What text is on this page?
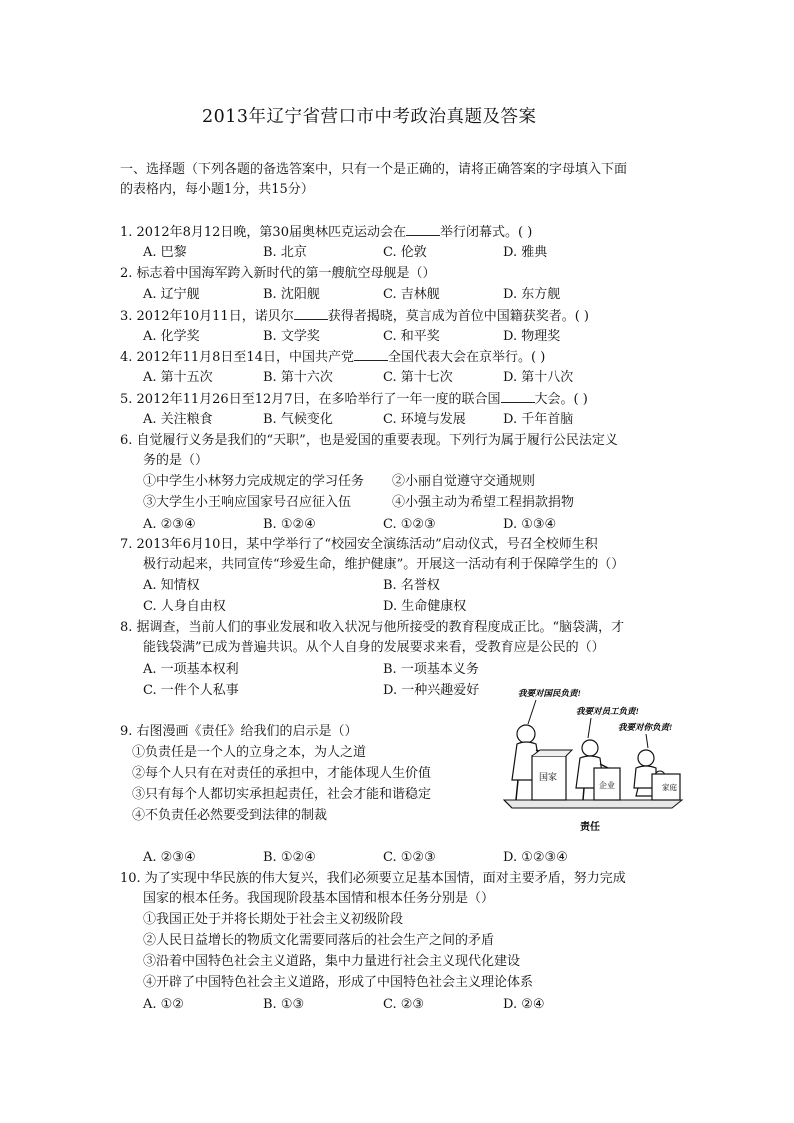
2013年辽宁省营口市中考政治真题及答案
一、选择题（下列各题的备选答案中，只有一个是正确的，请将正确答案的字母填入下面
的表格内，每小题1分，共15分）
1. 2012年8月12日晚，第30届奥林匹克运动会在	举行闭幕式。( )
A. 巴黎	B. 北京	C. 伦敦	D. 雅典
2. 标志着中国海军跨入新时代的第一艘航空母舰是（）
A. 辽宁舰	B. 沈阳舰	C. 吉林舰	D. 东方舰
3. 2012年10月11日，诺贝尔	获得者揭晓，莫言成为首位中国籍获奖者。( )
A. 化学奖	B. 文学奖	C. 和平奖	D. 物理奖
4. 2012年11月8日至14日，中国共产党	全国代表大会在京举行。( )
A. 第十五次	B. 第十六次	C. 第十七次	D. 第十八次
5. 2012年11月26日至12月7日，在多哈举行了一年一度的联合国	大会。( )
A. 关注粮食	B. 气候变化	C. 环境与发展	D. 千年首脑
6. 自觉履行义务是我们的“天职”，也是爱国的重要表现。下列行为属于履行公民法定义
务的是（）
①中学生小林努力完成规定的学习任务 ②小丽自觉遵守交通规则
③大学生小王响应国家号召应征入伍	④小强主动为希望工程捐款捐物
A. ②③④	B. ①②④	C. ①②③	D. ①③④
7. 2013年6月10日，某中学举行了“校园安全演练活动”启动仪式，号召全校师生积
极行动起来，共同宣传“珍爱生命，维护健康”。开展这一活动有利于保障学生的（）
A. 知情权	B. 名誉权
C. 人身自由权	D. 生命健康权
8. 据调查，当前人们的事业发展和收入状况与他所接受的教育程度成正比。“脑袋满，才
能钱袋满”已成为普遍共识。从个人自身的发展要求来看，受教育应是公民的（）
A. 一项基本权利	B. 一项基本义务
C. 一件个人私事	D. 一种兴趣爱好
9. 右图漫画《责任》给我们的启示是（）
①负责任是一个人的立身之本，为人之道
②每个人只有在对责任的承担中，才能体现人生价值
③只有每个人都切实承担起责任，社会才能和谐稳定
④不负责任必然要受到法律的制裁
我要对国民负责!
我要对员工负责!
我要对你负责!
国家
企业	家庭
责任
A. ②③④	B. ①②④	C. ①②③	D. ①②③④
10. 为了实现中华民族的伟大复兴，我们必须要立足基本国情，面对主要矛盾，努力完成
国家的根本任务。我国现阶段基本国情和根本任务分别是（）
①我国正处于并将长期处于社会主义初级阶段
②人民日益增长的物质文化需要同落后的社会生产之间的矛盾
③沿着中国特色社会主义道路，集中力量进行社会主义现代化建设
④开辟了中国特色社会主义道路，形成了中国特色社会主义理论体系
A. ①②	B. ①③	C. ②③	D. ②④
